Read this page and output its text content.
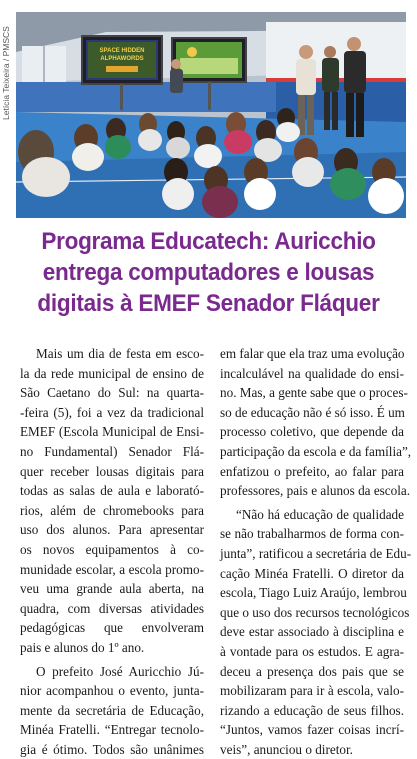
Letícia Teixeira / PMSCS	SPACE HIDDEN
ALPHAWORDS
Programa Educatech: Auricchio
entrega computadores e lousas
digitais à EMEF Senador Fláquer
Mais um dia de festa em esco-
la da rede municipal de ensino de
São Caetano do Sul: na quarta-
-feira (5), foi a vez da tradicional
EMEF (Escola Municipal de Ensi-
no Fundamental) Senador Flá-
quer receber lousas digitais para
todas as salas de aula e laborató-
rios, além de chromebooks para
uso dos alunos. Para apresentar
os novos equipamentos à co-
munidade escolar, a escola promo-
veu uma grande aula aberta, na
quadra, com diversas atividades
pedagógicas que envolveram
pais e alunos do 1º ano.
O prefeito José Auricchio Jú-
nior acompanhou o evento, junta-
mente da secretária de Educação,
Minéa Fratelli. “Entregar tecnolo-
gia é ótimo. Todos são unânimes
em falar que ela traz uma evolução
incalculável na qualidade do ensi-
no. Mas, a gente sabe que o proces-
so de educação não é só isso. É um
processo coletivo, que depende da
participação da escola e da família”,
enfatizou o prefeito, ao falar para
professores, pais e alunos da escola.
“Não há educação de qualidade
se não trabalharmos de forma con-
junta”, ratificou a secretária de Edu-
cação Minéa Fratelli. O diretor da
escola, Tiago Luiz Araújo, lembrou
que o uso dos recursos tecnológicos
deve estar associado à disciplina e
à vontade para os estudos. E agra-
deceu a presença dos pais que se
mobilizaram para ir à escola, valo-
rizando a educação de seus filhos.
“Juntos, vamos fazer coisas incrí-
veis”, anunciou o diretor.
